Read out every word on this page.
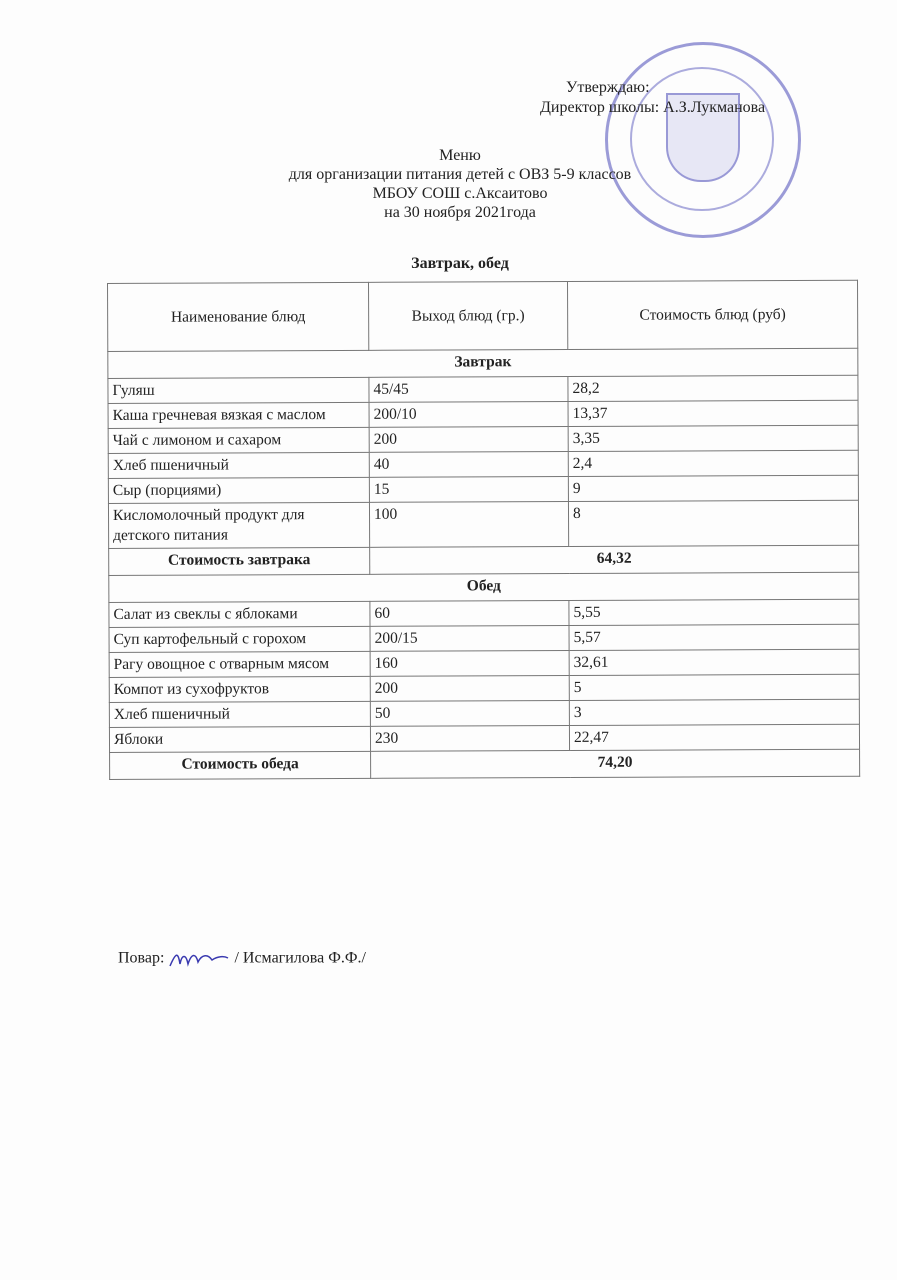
Утверждаю:
Директор школы: А.З.Лукманова
Меню
для организации питания детей с ОВЗ 5-9 классов
МБОУ СОШ с.Аксаитово
на 30 ноября 2021года
Завтрак, обед
Наименование блюд	Выход блюд (гр.)	Стоимость блюд (руб)
Завтрак		
Гуляш	45/45	28,2
Каша гречневая вязкая с маслом	200/10	13,37
Чай с лимоном и сахаром	200	3,35
Хлеб пшеничный	40	2,4
Сыр (порциями)	15	9
Кисломолочный продукт для детского питания	100	8
Стоимость завтрака	64,32	
Обед		
Салат из свеклы с яблоками	60	5,55
Суп картофельный с горохом	200/15	5,57
Рагу овощное с отварным мясом	160	32,61
Компот из сухофруктов	200	5
Хлеб пшеничный	50	3
Яблоки	230	22,47
Стоимость обеда	74,20	
Повар:	/ Исмагилова Ф.Ф./
